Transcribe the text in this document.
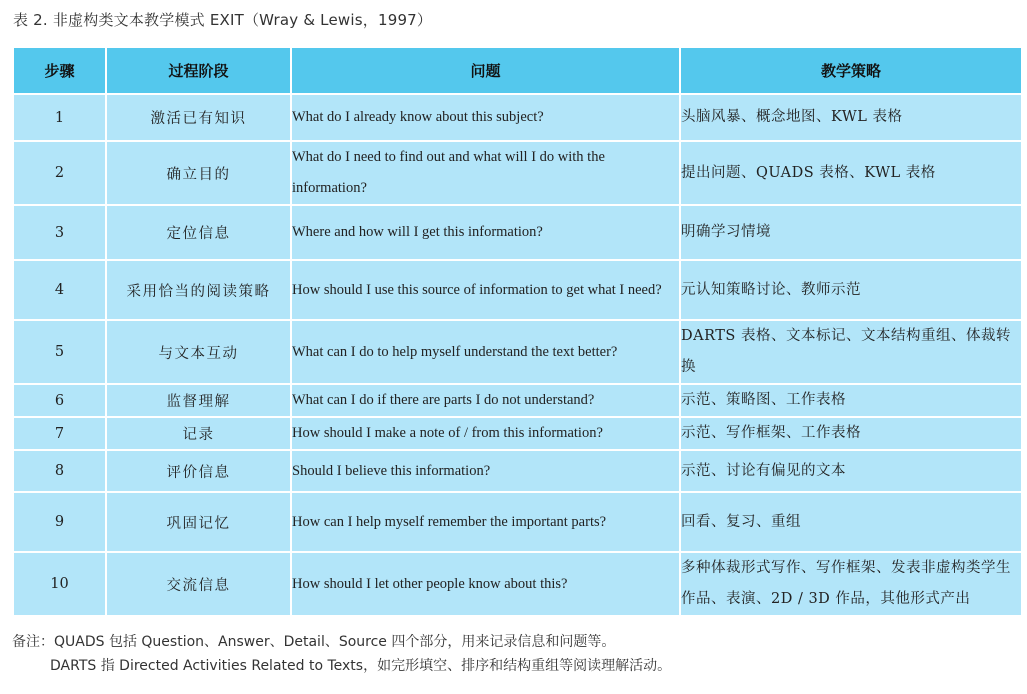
表 2. 非虚构类文本教学模式 EXIT（Wray & Lewis，1997）
步骤	过程阶段	问题	教学策略
1	激活已有知识	What do I already know about this subject?	头脑风暴、概念地图、KWL 表格
2	确立目的	What do I need to find out and what will I do with the information?	提出问题、QUADS 表格、KWL 表格
3	定位信息	Where and how will I get this information?	明确学习情境
4	采用恰当的阅读策略	How should I use this source of information to get what I need?	元认知策略讨论、教师示范
5	与文本互动	What can I do to help myself understand the text better?	DARTS 表格、文本标记、文本结构重组、体裁转换
6	监督理解	What can I do if there are parts I do not understand?	示范、策略图、工作表格
7	记录	How should I make a note of / from this information?	示范、写作框架、工作表格
8	评价信息	Should I believe this information?	示范、讨论有偏见的文本
9	巩固记忆	How can I help myself remember the important parts?	回看、复习、重组
10	交流信息	How should I let other people know about this?	多种体裁形式写作、写作框架、发表非虚构类学生作品、表演、2D / 3D 作品，其他形式产出
备注：QUADS 包括 Question、Answer、Detail、Source 四个部分，用来记录信息和问题等。
DARTS 指 Directed Activities Related to Texts，如完形填空、排序和结构重组等阅读理解活动。
